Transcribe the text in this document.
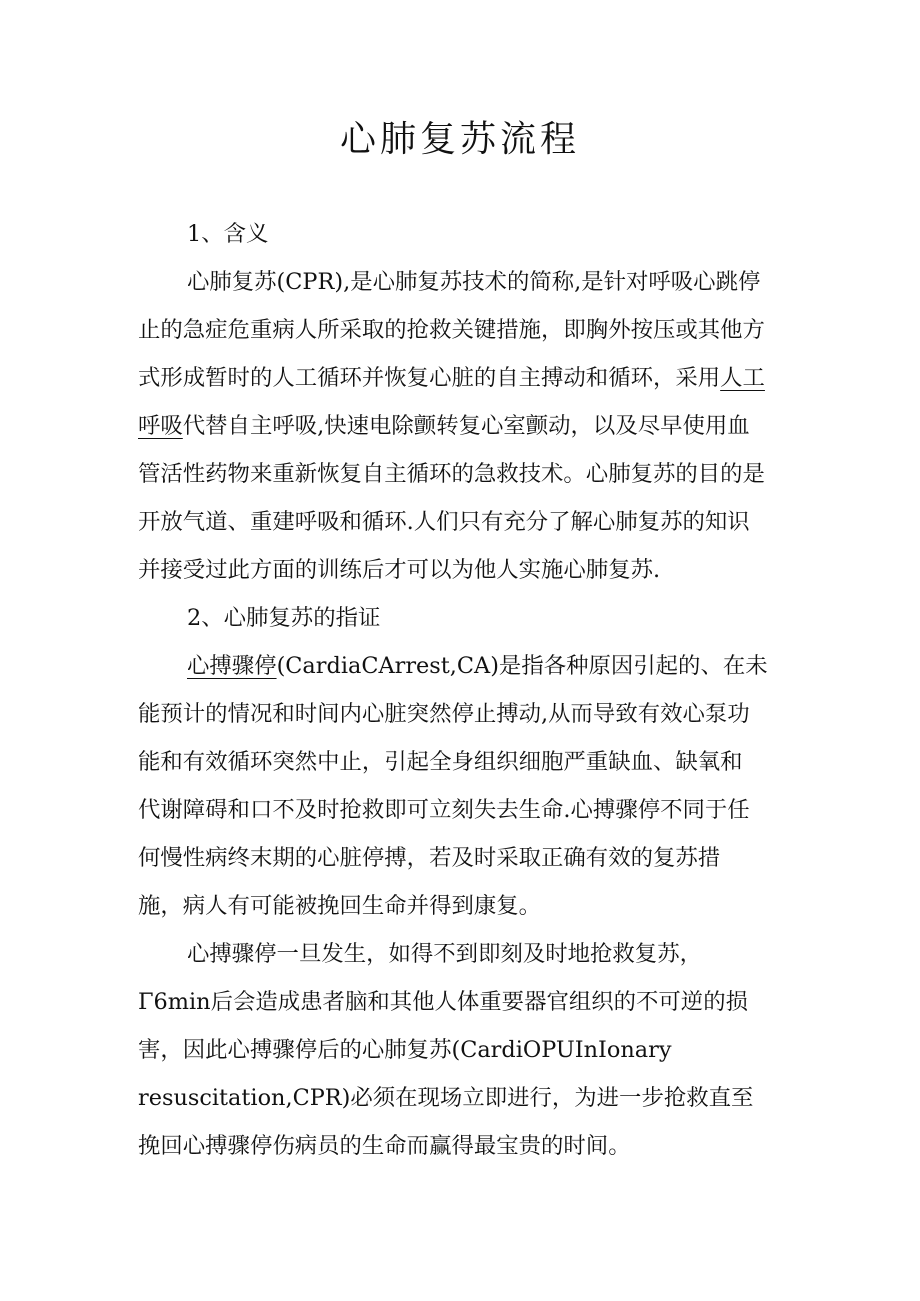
心肺复苏流程
1、含义
心肺复苏(CPR),是心肺复苏技术的简称,是针对呼吸心跳停
止的急症危重病人所采取的抢救关键措施，即胸外按压或其他方
式形成暂时的人工循环并恢复心脏的自主搏动和循环，采用人工
呼吸代替自主呼吸,快速电除颤转复心室颤动，以及尽早使用血
管活性药物来重新恢复自主循环的急救技术。心肺复苏的目的是
开放气道、重建呼吸和循环.人们只有充分了解心肺复苏的知识
并接受过此方面的训练后才可以为他人实施心肺复苏.
2、心肺复苏的指证
心搏骤停(CardiaCArrest,CA)是指各种原因引起的、在未
能预计的情况和时间内心脏突然停止搏动,从而导致有效心泵功
能和有效循环突然中止，引起全身组织细胞严重缺血、缺氧和
代谢障碍和口不及时抢救即可立刻失去生命.心搏骤停不同于任
何慢性病终末期的心脏停搏，若及时采取正确有效的复苏措
施，病人有可能被挽回生命并得到康复。
心搏骤停一旦发生，如得不到即刻及时地抢救复苏，
Γ6min后会造成患者脑和其他人体重要器官组织的不可逆的损
害，因此心搏骤停后的心肺复苏(CardiOPUInIonary
resuscitation,CPR)必须在现场立即进行，为进一步抢救直至
挽回心搏骤停伤病员的生命而赢得最宝贵的时间。
